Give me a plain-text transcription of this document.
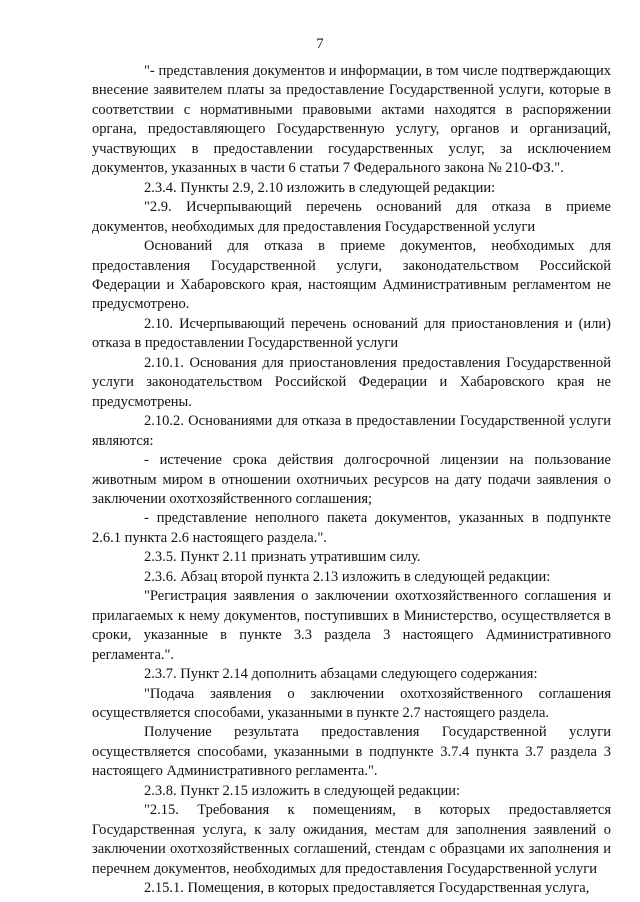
7

"- представления документов и информации, в том числе подтверждающих внесение заявителем платы за предоставление Государственной услуги, которые в соответствии с нормативными правовыми актами находятся в распоряжении органа, предоставляющего Государственную услугу, органов и организаций, участвующих в предоставлении государственных услуг, за исключением документов, указанных в части 6 статьи 7 Федерального закона № 210-ФЗ.".

2.3.4. Пункты 2.9, 2.10 изложить в следующей редакции:

"2.9. Исчерпывающий перечень оснований для отказа в приеме документов, необходимых для предоставления Государственной услуги

Оснований для отказа в приеме документов, необходимых для предоставления Государственной услуги, законодательством Российской Федерации и Хабаровского края, настоящим Административным регламентом не предусмотрено.

2.10. Исчерпывающий перечень оснований для приостановления и (или) отказа в предоставлении Государственной услуги

2.10.1. Основания для приостановления предоставления Государственной услуги законодательством Российской Федерации и Хабаровского края не предусмотрены.

2.10.2. Основаниями для отказа в предоставлении Государственной услуги являются:

- истечение срока действия долгосрочной лицензии на пользование животным миром в отношении охотничьих ресурсов на дату подачи заявления о заключении охотхозяйственного соглашения;

- представление неполного пакета документов, указанных в подпункте 2.6.1 пункта 2.6 настоящего раздела.".

2.3.5. Пункт 2.11 признать утратившим силу.

2.3.6. Абзац второй пункта 2.13 изложить в следующей редакции:

"Регистрация заявления о заключении охотхозяйственного соглашения и прилагаемых к нему документов, поступивших в Министерство, осуществляется в сроки, указанные в пункте 3.3 раздела 3 настоящего Административного регламента.".

2.3.7. Пункт 2.14 дополнить абзацами следующего содержания:

"Подача заявления о заключении охотхозяйственного соглашения осуществляется способами, указанными в пункте 2.7 настоящего раздела.

Получение результата предоставления Государственной услуги осуществляется способами, указанными в подпункте 3.7.4 пункта 3.7 раздела 3 настоящего Административного регламента.".

2.3.8. Пункт 2.15 изложить в следующей редакции:

"2.15. Требования к помещениям, в которых предоставляется Государственная услуга, к залу ожидания, местам для заполнения заявлений о заключении охотхозяйственных соглашений, стендам с образцами их заполнения и перечнем документов, необходимых для предоставления Государственной услуги

2.15.1. Помещения, в которых предоставляется Государственная услуга,
